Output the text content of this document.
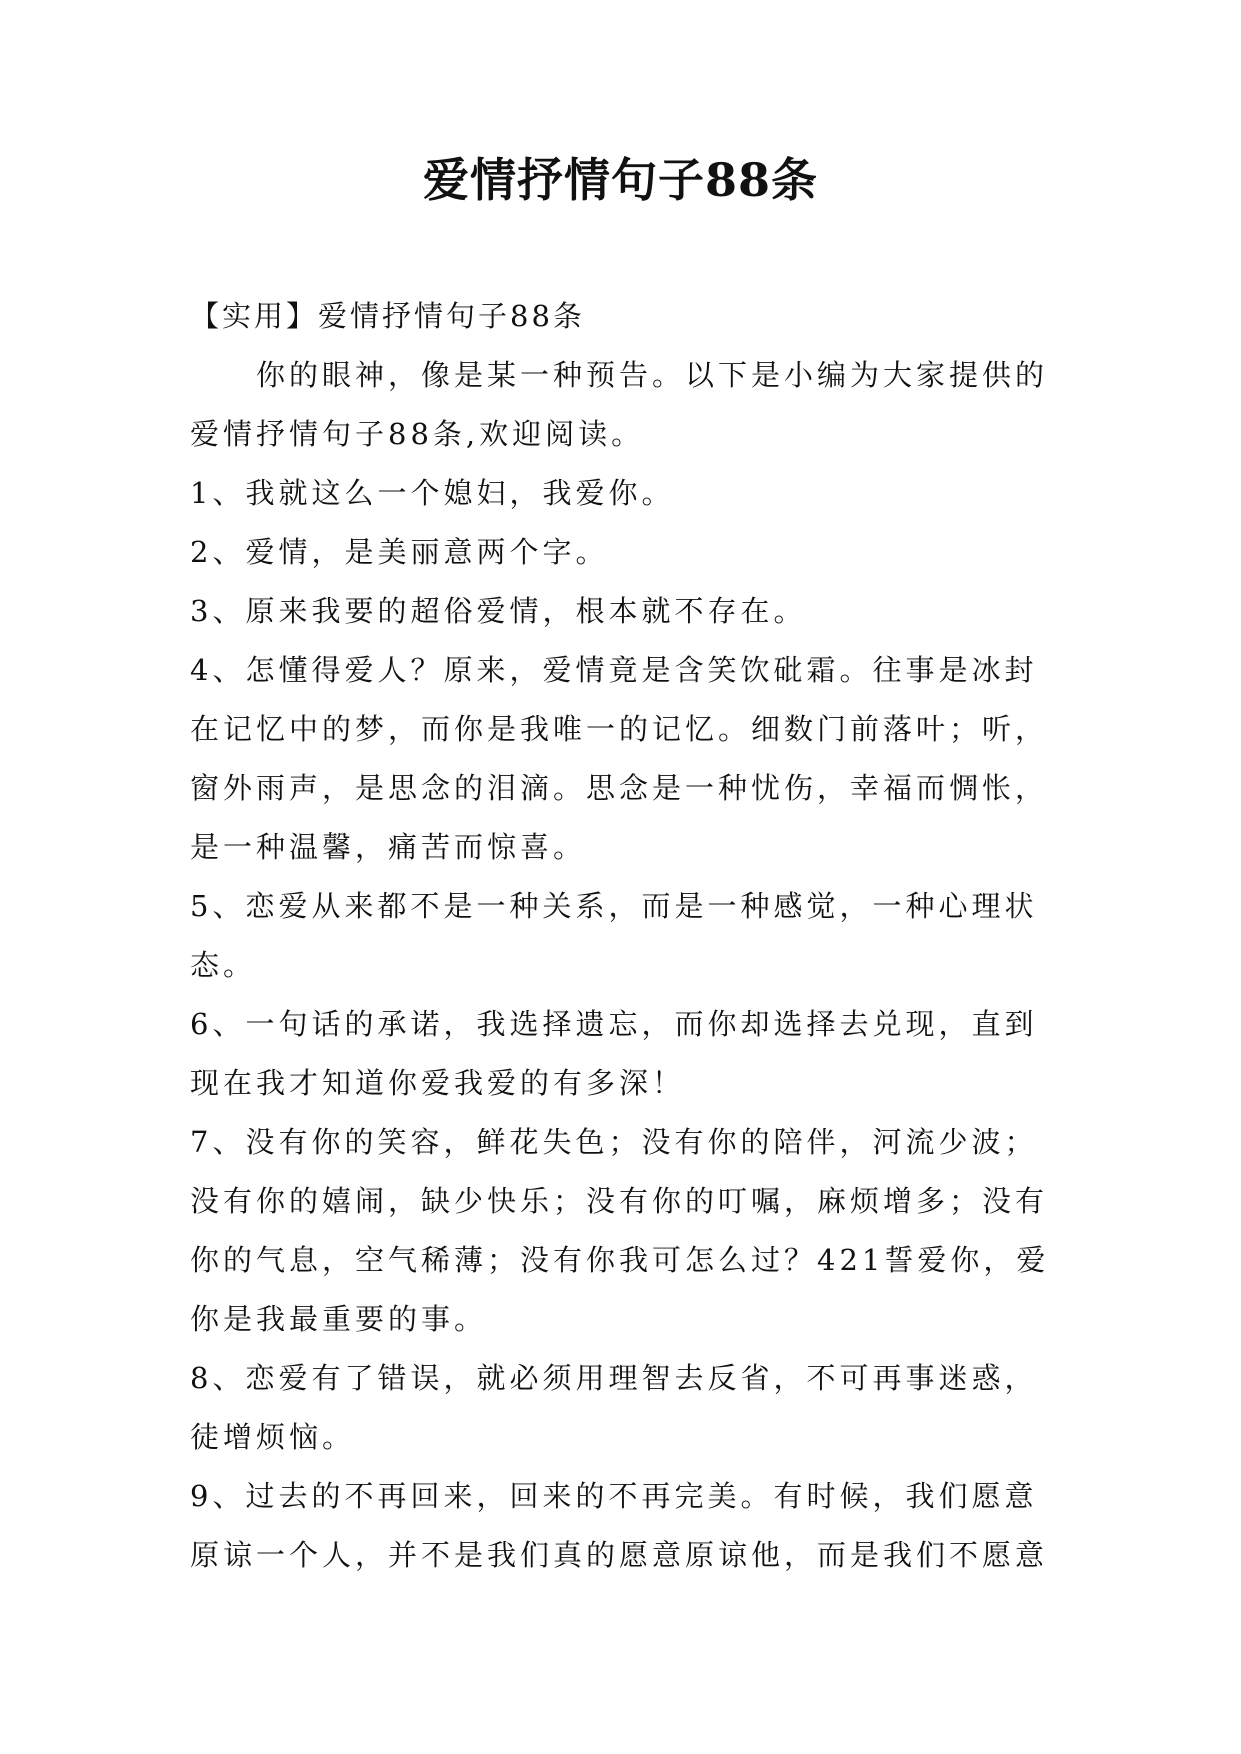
爱情抒情句子88条

【实用】爱情抒情句子88条

你的眼神，像是某一种预告。以下是小编为大家提供的爱情抒情句子88条,欢迎阅读。

1、我就这么一个媳妇，我爱你。

2、爱情，是美丽意两个字。

3、原来我要的超俗爱情，根本就不存在。

4、怎懂得爱人？原来，爱情竟是含笑饮砒霜。往事是冰封在记忆中的梦，而你是我唯一的记忆。细数门前落叶；听，窗外雨声，是思念的泪滴。思念是一种忧伤，幸福而惆怅，是一种温馨，痛苦而惊喜。

5、恋爱从来都不是一种关系，而是一种感觉，一种心理状态。

6、一句话的承诺，我选择遗忘，而你却选择去兑现，直到现在我才知道你爱我爱的有多深！

7、没有你的笑容，鲜花失色；没有你的陪伴，河流少波；没有你的嬉闹，缺少快乐；没有你的叮嘱，麻烦增多；没有你的气息，空气稀薄；没有你我可怎么过？421誓爱你，爱你是我最重要的事。

8、恋爱有了错误，就必须用理智去反省，不可再事迷惑，徒增烦恼。

9、过去的不再回来，回来的不再完美。有时候，我们愿意原谅一个人，并不是我们真的愿意原谅他，而是我们不愿意
